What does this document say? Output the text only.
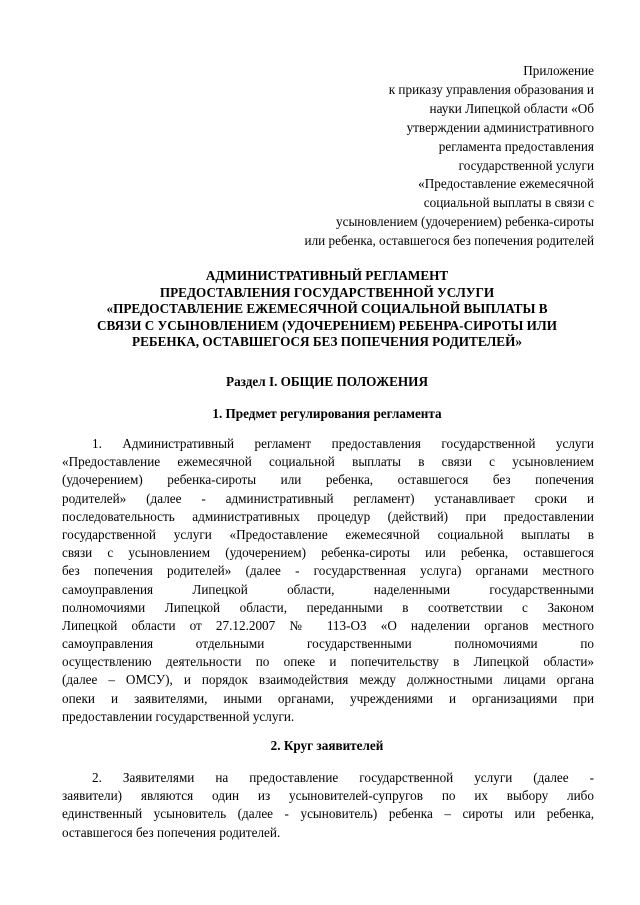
Приложение
к приказу управления образования и
науки Липецкой области «Об
утверждении административного
регламента предоставления
государственной услуги
«Предоставление ежемесячной
социальной выплаты в связи с
усыновлением (удочерением) ребенка-сироты
или ребенка, оставшегося без попечения родителей
АДМИНИСТРАТИВНЫЙ РЕГЛАМЕНТ
ПРЕДОСТАВЛЕНИЯ ГОСУДАРСТВЕННОЙ УСЛУГИ
«ПРЕДОСТАВЛЕНИЕ ЕЖЕМЕСЯЧНОЙ СОЦИАЛЬНОЙ ВЫПЛАТЫ В
СВЯЗИ С УСЫНОВЛЕНИЕМ (УДОЧЕРЕНИЕМ) РЕБЕНРА-СИРОТЫ ИЛИ
РЕБЕНКА, ОСТАВШЕГОСЯ БЕЗ ПОПЕЧЕНИЯ РОДИТЕЛЕЙ»
Раздел I. ОБЩИЕ ПОЛОЖЕНИЯ
1. Предмет регулирования регламента
1. Административный регламент предоставления государственной услуги
«Предоставление ежемесячной социальной выплаты в связи с усыновлением
(удочерением) ребенка-сироты или ребенка, оставшегося без попечения
родителей» (далее - административный регламент) устанавливает сроки и
последовательность административных процедур (действий) при предоставлении
государственной услуги «Предоставление ежемесячной социальной выплаты в
связи с усыновлением (удочерением) ребенка-сироты или ребенка, оставшегося
без попечения родителей» (далее - государственная услуга) органами местного
самоуправления Липецкой области, наделенными государственными
полномочиями Липецкой области, переданными в соответствии с Законом
Липецкой области от 27.12.2007 № 113-ОЗ «О наделении органов местного
самоуправления отдельными государственными полномочиями по
осуществлению деятельности по опеке и попечительству в Липецкой области»
(далее – ОМСУ), и порядок взаимодействия между должностными лицами органа
опеки и заявителями, иными органами, учреждениями и организациями при
предоставлении государственной услуги.
2. Круг заявителей
2. Заявителями на предоставление государственной услуги (далее -
заявители) являются один из усыновителей-супругов по их выбору либо
единственный усыновитель (далее - усыновитель) ребенка – сироты или ребенка,
оставшегося без попечения родителей.
